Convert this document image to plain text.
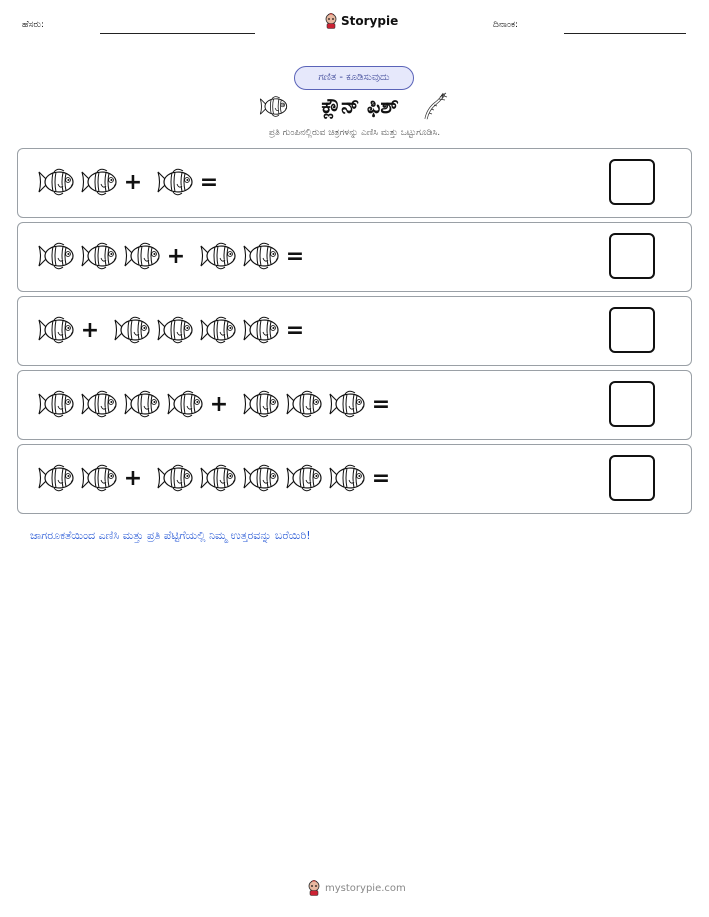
ಹೆಸರು:	Storypie	ದಿನಾಂಕ:
ಗಣಿತ - ಕೂಡಿಸುವುದು
ಕ್ಲೌನ್ ಫಿಶ್
ಪ್ರತಿ ಗುಂಪಿನಲ್ಲಿರುವ ಚಿತ್ರಗಳನ್ನು ಎಣಿಸಿ ಮತ್ತು ಒಟ್ಟುಗೂಡಿಸಿ.
+	=
+	=
+	=
+	=
+	=
ಜಾಗರೂಕತೆಯಿಂದ ಎಣಿಸಿ ಮತ್ತು ಪ್ರತಿ ಪೆಟ್ಟಿಗೆಯಲ್ಲಿ ನಿಮ್ಮ ಉತ್ತರವನ್ನು ಬರೆಯಿರಿ!
mystorypie.com
